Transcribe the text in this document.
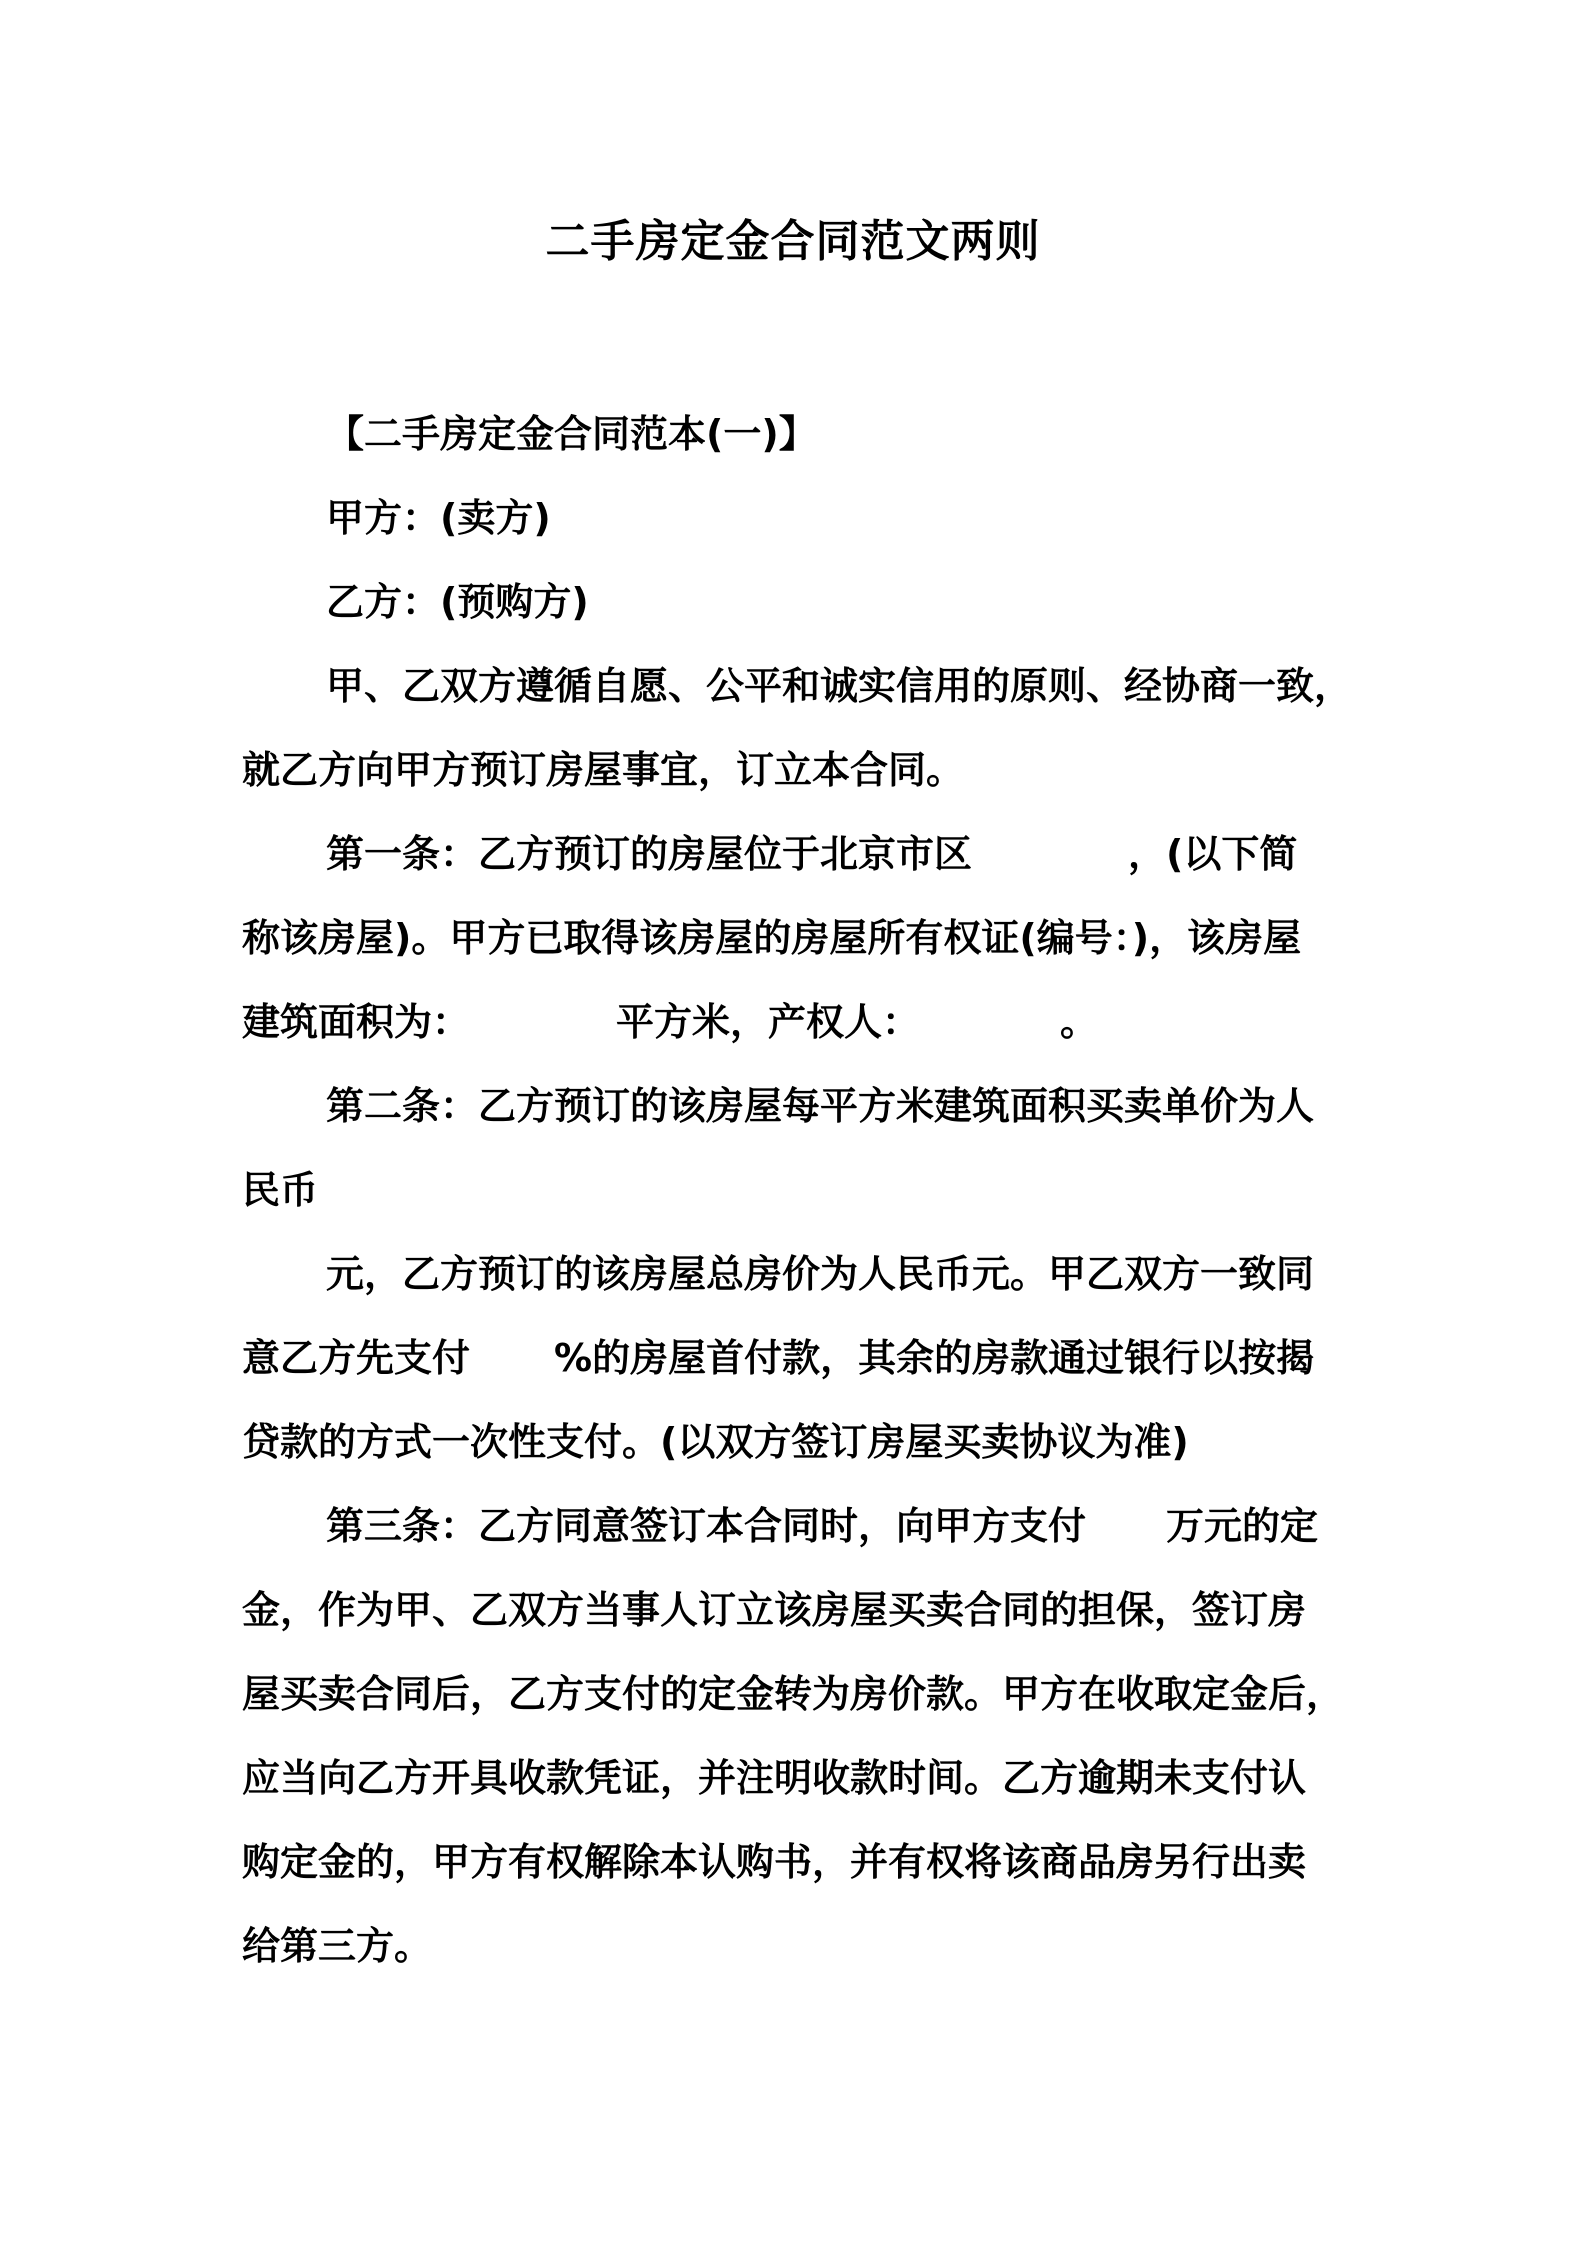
二手房定金合同范文两则
【二手房定金合同范本(一)】
甲方：(卖方)
乙方：(预购方)
甲、乙双方遵循自愿、公平和诚实信用的原则、经协商一致，
就乙方向甲方预订房屋事宜，订立本合同。
第一条：乙方预订的房屋位于北京市区	，(以下简
称该房屋)。甲方已取得该房屋的房屋所有权证(编号：)，该房屋
建筑面积为：	平方米，产权人：	。
第二条：乙方预订的该房屋每平方米建筑面积买卖单价为人
民币
元，乙方预订的该房屋总房价为人民币元。甲乙双方一致同
意乙方先支付 %的房屋首付款，其余的房款通过银行以按揭
贷款的方式一次性支付。(以双方签订房屋买卖协议为准)
第三条：乙方同意签订本合同时，向甲方支付 万元的定
金，作为甲、乙双方当事人订立该房屋买卖合同的担保，签订房
屋买卖合同后，乙方支付的定金转为房价款。甲方在收取定金后，
应当向乙方开具收款凭证，并注明收款时间。乙方逾期未支付认
购定金的，甲方有权解除本认购书，并有权将该商品房另行出卖
给第三方。
